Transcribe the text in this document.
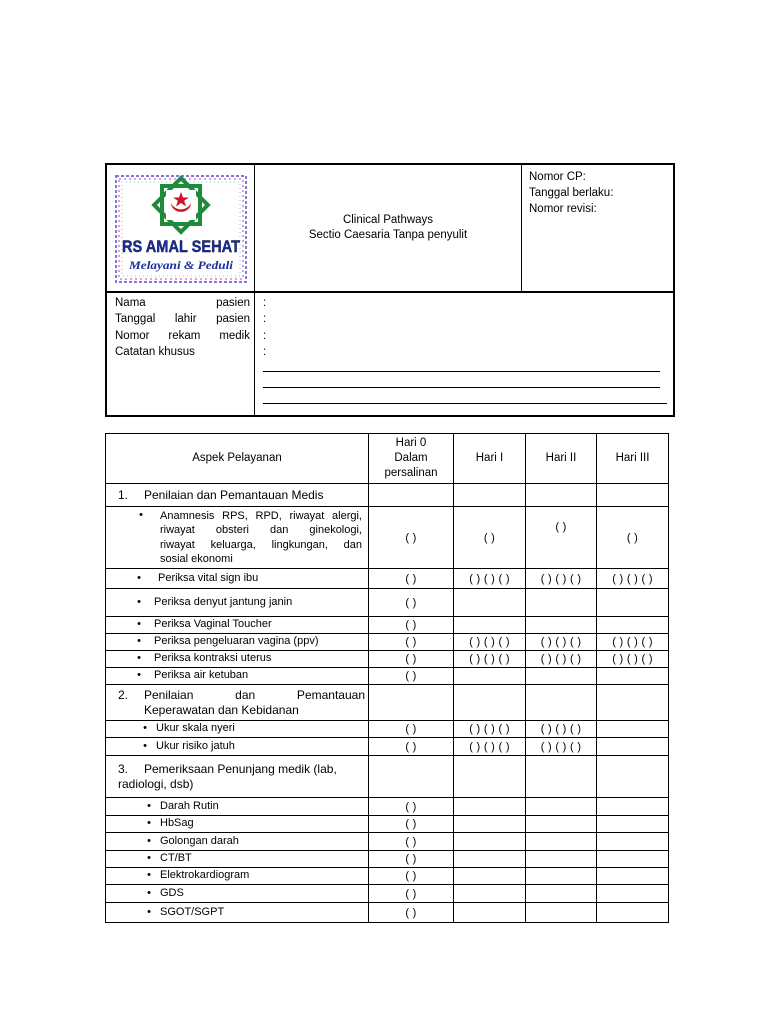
RS AMAL SEHAT
Melayani & Peduli
Clinical Pathways
Sectio Caesaria Tanpa penyulit
Nomor CP:
Tanggal berlaku:
Nomor revisi:
Nama pasien
Tanggal lahir pasien
Nomor rekam medik
Catatan khusus
:
:
:
:
Aspek Pelayanan	Hari 0
Dalam
persalinan	Hari I	Hari II	Hari III
1. Penilaian dan Pemantauan Medis				

• Anamnesis RPS, RPD, riwayat alergi,
riwayat obsteri dan ginekologi,
riwayat keluarga, lingkungan, dan
sosial ekonomi	( )	( )	( )	( )
• Periksa vital sign ibu	( )	( ) ( ) ( )	( ) ( ) ( )	( ) ( ) ( )
• Periksa denyut jantung janin	( )			
• Periksa Vaginal Toucher	( )			
• Periksa pengeluaran vagina (ppv)	( )	( ) ( ) ( )	( ) ( ) ( )	( ) ( ) ( )
• Periksa kontraksi uterus	( )	( ) ( ) ( )	( ) ( ) ( )	( ) ( ) ( )
• Periksa air ketuban	( )			

2. Penilaian dan Pemantauan
Keperawatan dan Kebidanan				

• Ukur skala nyeri	( )	( ) ( ) ( )	( ) ( ) ( )	
• Ukur risiko jatuh	( )	( ) ( ) ( )	( ) ( ) ( )	

3. Pemeriksaan Penunjang medik (lab,
radiologi, dsb)				

• Darah Rutin	( )			
• HbSag	( )			
• Golongan darah	( )			
• CT/BT	( )			
• Elektrokardiogram	( )			
• GDS	( )			
• SGOT/SGPT	( )			
